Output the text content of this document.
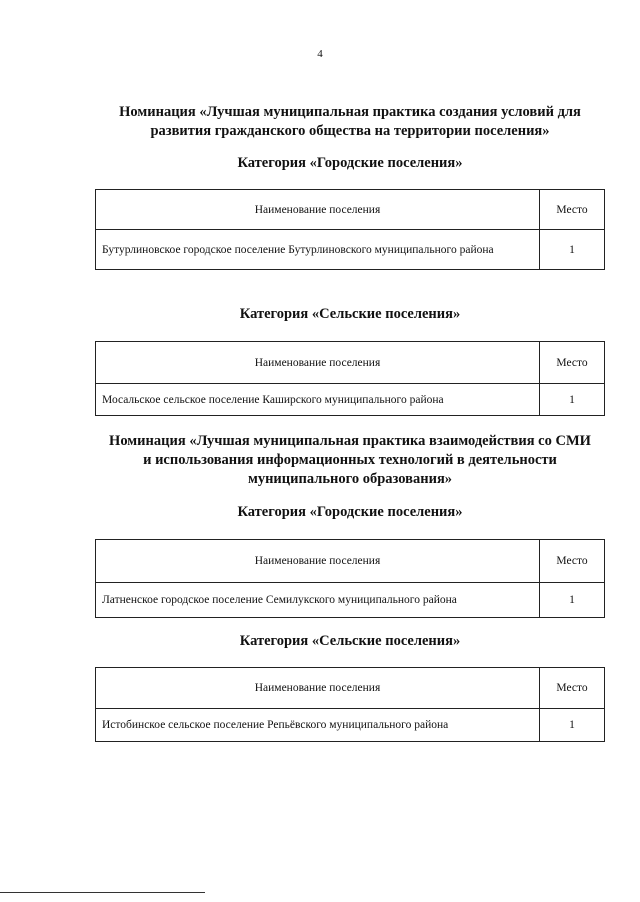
4
Номинация «Лучшая муниципальная практика создания условий для
развития гражданского общества на территории поселения»
Категория «Городские поселения»
Наименование поселения	Место
Бутурлиновское городское поселение Бутурлиновского муниципального района	1
Категория «Сельские поселения»
Наименование поселения	Место
Мосальское сельское поселение Каширского муниципального района	1
Номинация «Лучшая муниципальная практика взаимодействия со СМИ
и использования информационных технологий в деятельности
муниципального образования»
Категория «Городские поселения»
Наименование поселения	Место
Латненское городское поселение Семилукского муниципального района	1
Категория «Сельские поселения»
Наименование поселения	Место
Истобинское сельское поселение Репьёвского муниципального района	1
